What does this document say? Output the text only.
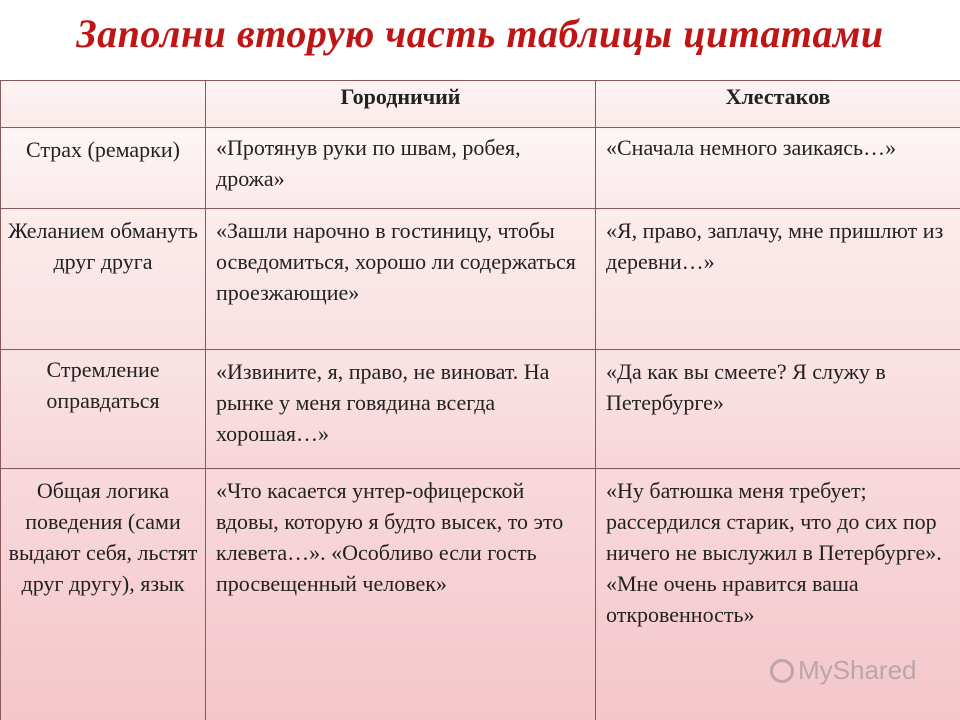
Заполни вторую часть таблицы цитатами
	Городничий	Хлестаков

Страх (ремарки)	«Протянув руки по швам, робея, дрожа»	«Сначала немного заикаясь…»

Желанием обмануть друг друга	«Зашли нарочно в гостиницу, чтобы осведомиться, хорошо ли содержаться проезжающие»	«Я, право, заплачу, мне пришлют из деревни…»

Стремление оправдаться	«Извините, я, право, не виноват. На рынке у меня говядина всегда хорошая…»	«Да как вы смеете? Я служу в Петербурге»

Общая логика поведения (сами выдают себя, льстят друг другу), язык	«Что касается унтер-офицерской вдовы, которую я будто высек, то это клевета…». «Особливо если гость просвещенный человек»	«Ну батюшка меня требует; рассердился старик, что до сих пор ничего не выслужил в Петербурге». «Мне очень нравится ваша откровенность»
MyShared
